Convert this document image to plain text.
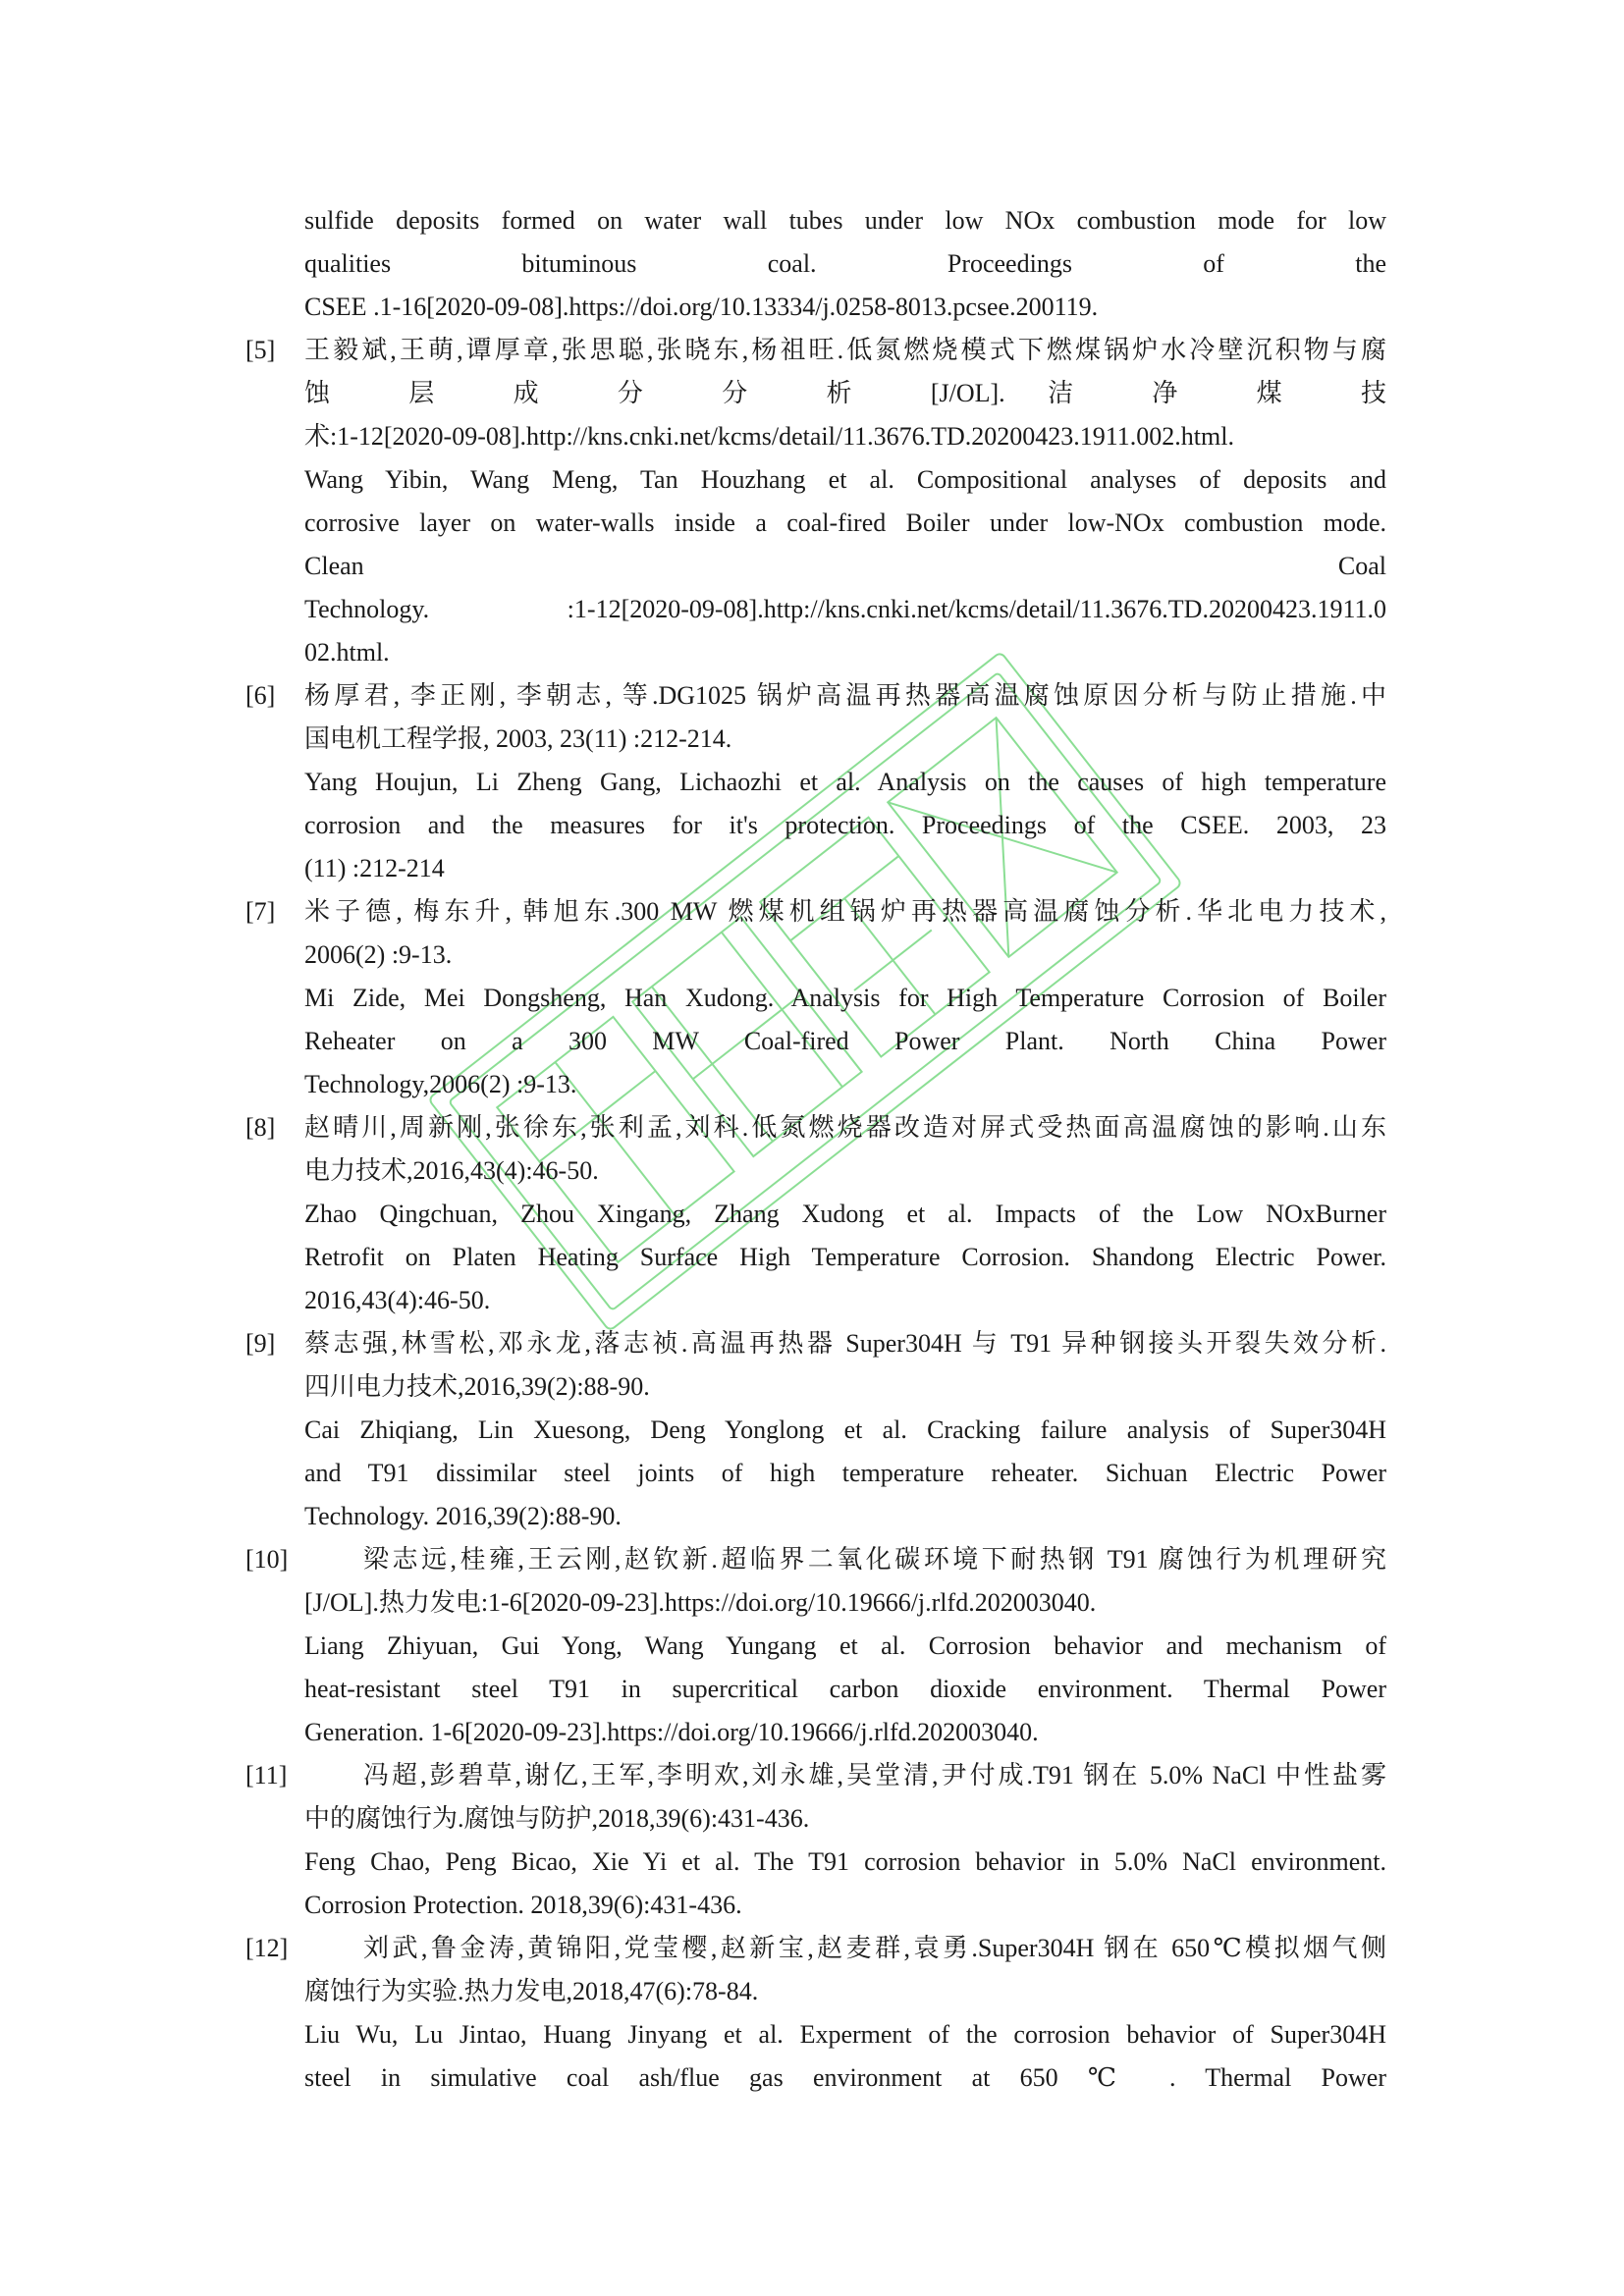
sulfide deposits formed on water wall tubes under low NOx combustion mode for low
qualities bituminous coal. Proceedings of the
CSEE .1-16[2020-09-08].https://doi.org/10.13334/j.0258-8013.pcsee.200119.
[5] 王毅斌,王萌,谭厚章,张思聪,张晓东,杨祖旺.低氮燃烧模式下燃煤锅炉水冷壁沉积物与腐
蚀 层 成 分 分 析 [J/OL]. 洁 净 煤 技
术:1-12[2020-09-08].http://kns.cnki.net/kcms/detail/11.3676.TD.20200423.1911.002.html.
Wang Yibin, Wang Meng, Tan Houzhang et al. Compositional analyses of deposits and
corrosive layer on water-walls inside a coal-fired Boiler under low-NOx combustion mode.
Clean Coal
Technology. :1-12[2020-09-08].http://kns.cnki.net/kcms/detail/11.3676.TD.20200423.1911.0
02.html.
[6] 杨厚君, 李正刚, 李朝志, 等.DG1025 锅炉高温再热器高温腐蚀原因分析与防止措施.中
国电机工程学报, 2003, 23(11) :212-214.
Yang Houjun, Li Zheng Gang, Lichaozhi et al. Analysis on the causes of high temperature
corrosion and the measures for it's protection. Proceedings of the CSEE. 2003, 23
(11) :212-214
[7] 米子德, 梅东升, 韩旭东.300 MW 燃煤机组锅炉再热器高温腐蚀分析.华北电力技术,
2006(2) :9-13.
Mi Zide, Mei Dongsheng, Han Xudong. Analysis for High Temperature Corrosion of Boiler
Reheater on a 300 MW Coal-fired Power Plant. North China Power
Technology,2006(2) :9-13.
[8] 赵晴川,周新刚,张徐东,张利孟,刘科.低氮燃烧器改造对屏式受热面高温腐蚀的影响.山东
电力技术,2016,43(4):46-50.
Zhao Qingchuan, Zhou Xingang, Zhang Xudong et al. Impacts of the Low NOxBurner
Retrofit on Platen Heating Surface High Temperature Corrosion. Shandong Electric Power.
2016,43(4):46-50.
[9] 蔡志强,林雪松,邓永龙,落志祯.高温再热器 Super304H 与 T91 异种钢接头开裂失效分析.
四川电力技术,2016,39(2):88-90.
Cai Zhiqiang, Lin Xuesong, Deng Yonglong et al. Cracking failure analysis of Super304H
and T91 dissimilar steel joints of high temperature reheater. Sichuan Electric Power
Technology. 2016,39(2):88-90.
[10]	梁志远,桂雍,王云刚,赵钦新.超临界二氧化碳环境下耐热钢 T91 腐蚀行为机理研究
[J/OL].热力发电:1-6[2020-09-23].https://doi.org/10.19666/j.rlfd.202003040.
Liang Zhiyuan, Gui Yong, Wang Yungang et al. Corrosion behavior and mechanism of
heat-resistant steel T91 in supercritical carbon dioxide environment. Thermal Power
Generation. 1-6[2020-09-23].https://doi.org/10.19666/j.rlfd.202003040.
[11]	冯超,彭碧草,谢亿,王军,李明欢,刘永雄,吴堂清,尹付成.T91 钢在 5.0% NaCl 中性盐雾
中的腐蚀行为.腐蚀与防护,2018,39(6):431-436.
Feng Chao, Peng Bicao, Xie Yi et al. The T91 corrosion behavior in 5.0% NaCl environment.
Corrosion Protection. 2018,39(6):431-436.
[12]	刘武,鲁金涛,黄锦阳,党莹樱,赵新宝,赵麦群,袁勇.Super304H 钢在 650℃模拟烟气侧
腐蚀行为实验.热力发电,2018,47(6):78-84.
Liu Wu, Lu Jintao, Huang Jinyang et al. Experment of the corrosion behavior of Super304H
steel in simulative coal ash/flue gas environment at 650 ℃ . Thermal Power
